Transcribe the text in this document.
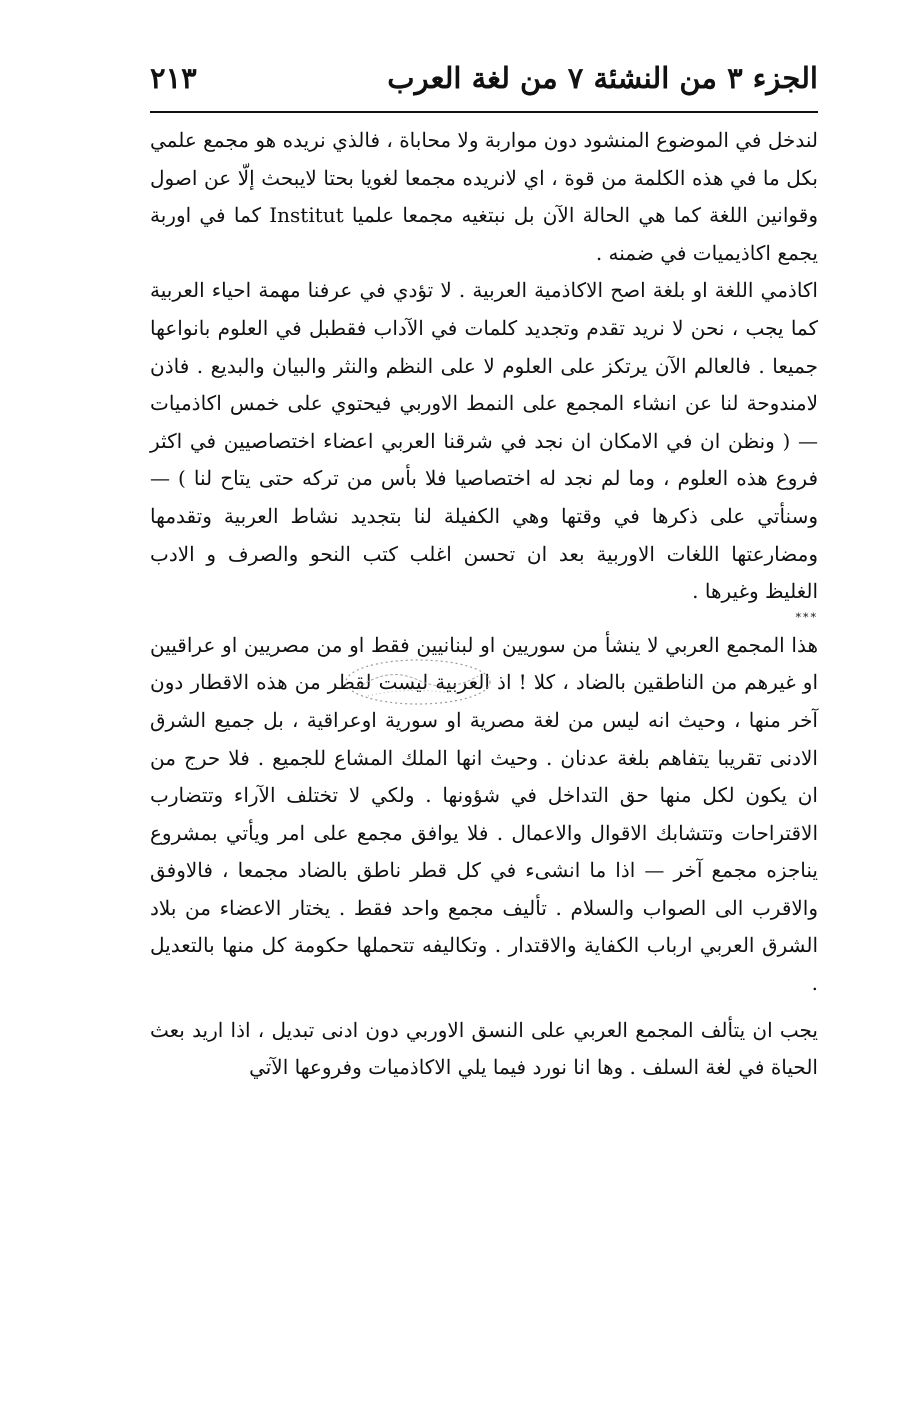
الجزء ٣ من النشئة ٧ من لغة العرب
٢١٣

لندخل في الموضوع المنشود دون مواربة ولا محاباة ، فالذي نريده هو مجمع علمي بكل ما في هذه الكلمة من قوة ، اي لانريده مجمعا لغويا بحتا لايبحث إلّا عن اصول وقوانين اللغة كما هي الحالة الآن بل نبتغيه مجمعا علميا Institut كما في اوربة يجمع اكاذيميات في ضمنه .

اكاذمي اللغة او بلغة اصح الاكاذمية العربية . لا تؤدي في عرفنا مهمة احياء العربية كما يجب ، نحن لا نريد تقدم وتجديد كلمات في الآداب فقطبل في العلوم بانواعها جميعا . فالعالم الآن يرتكز على العلوم لا على النظم والنثر والبيان والبديع . فاذن لامندوحة لنا عن انشاء المجمع على النمط الاوربي فيحتوي على خمس اكاذميات — ( ونظن ان في الامكان ان نجد في شرقنا العربي اعضاء اختصاصيين في اكثر فروع هذه العلوم ، وما لم نجد له اختصاصيا فلا بأس من تركه حتى يتاح لنا ) — وسنأتي على ذكرها في وقتها وهي الكفيلة لنا بتجديد نشاط العربية وتقدمها ومضارعتها اللغات الاوربية بعد ان تحسن اغلب كتب النحو والصرف و الادب الغليظ وغيرها .

***

هذا المجمع العربي لا ينشأ من سوريين او لبنانيين فقط او من مصريين او عراقيين او غيرهم من الناطقين بالضاد ، كلا ! اذ العربية ليست لقطر من هذه الاقطار دون آخر منها ، وحيث انه ليس من لغة مصرية او سورية اوعراقية ، بل جميع الشرق الادنى تقريبا يتفاهم بلغة عدنان . وحيث انها الملك المشاع للجميع . فلا حرج من ان يكون لكل منها حق التداخل في شؤونها . ولكي لا تختلف الآراء وتتضارب الاقتراحات وتتشابك الاقوال والاعمال . فلا يوافق مجمع على امر ويأتي بمشروع يناجزه مجمع آخر — اذا ما انشىء في كل قطر ناطق بالضاد مجمعا ، فالاوفق والاقرب الى الصواب والسلام . تأليف مجمع واحد فقط . يختار الاعضاء من بلاد الشرق العربي ارباب الكفاية والاقتدار . وتكاليفه تتحملها حكومة كل منها بالتعديل .

يجب ان يتألف المجمع العربي على النسق الاوربي دون ادنى تبديل ، اذا اريد بعث الحياة في لغة السلف . وها انا نورد فيما يلي الاكاذميات وفروعها الآتي
